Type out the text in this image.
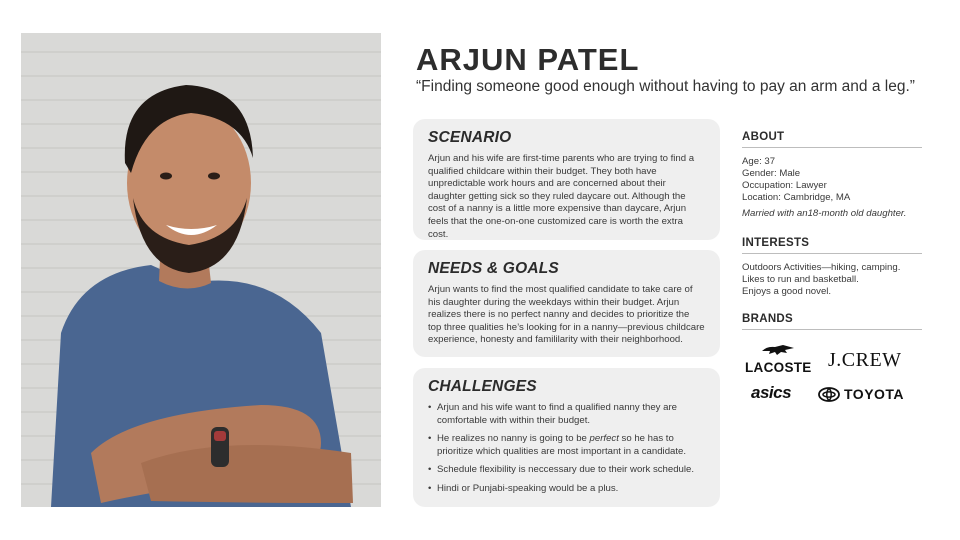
ARJUN PATEL

“Finding someone good enough without having to pay an arm and a leg.”

SCENARIO

Arjun and his wife are first-time parents who are trying to find a qualified childcare within their budget. They both have unpredictable work hours and are concerned about their daughter getting sick so they ruled daycare out. Although the cost of a nanny is a little more expensive than daycare, Arjun feels that the one-on-one customized care is worth the extra cost.

NEEDS & GOALS

Arjun wants to find the most qualified candidate to take care of his daughter during the weekdays within their budget. Arjun realizes there is no perfect nanny and decides to prioritize the top three qualities he’s looking for in a nanny—previous childcare experience, honesty and famililarity with their neighborhood.

CHALLENGES
• Arjun and his wife want to find a qualified nanny they are comfortable with within their budget.
• He realizes no nanny is going to be perfect so he has to prioritize which qualities are most important in a candidate.
• Schedule flexibility is neccessary due to their work schedule.
• Hindi or Punjabi-speaking would be a plus.
ABOUT
Age: 37
Gender: Male
Occupation: Lawyer
Location: Cambridge, MA
Married with an18-month old daughter.
INTERESTS
Outdoors Activities—hiking, camping.
Likes to run and basketball.
Enjoys a good novel.
BRANDS
LACOSTE J.CREW
asics	TOYOTA
